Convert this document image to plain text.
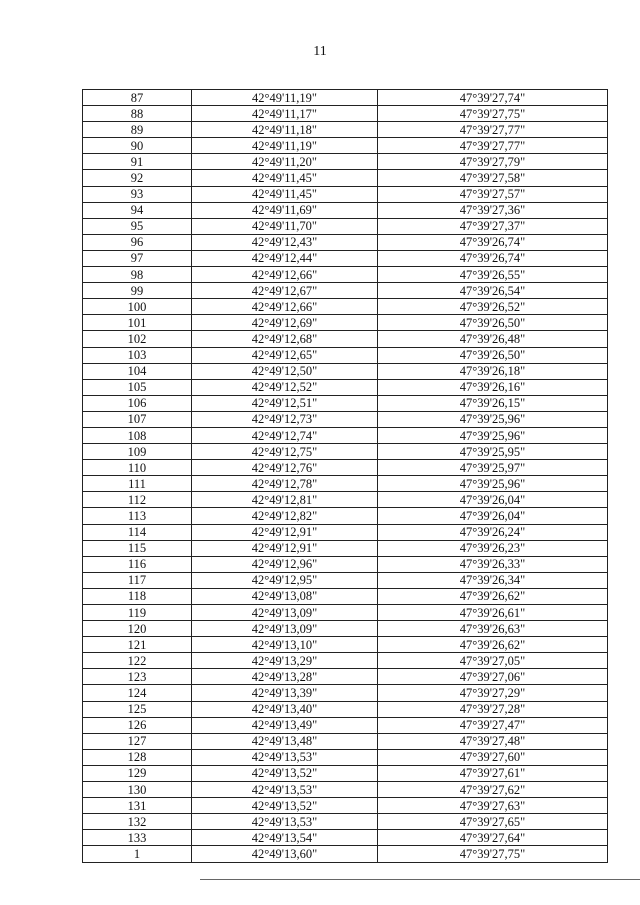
11
87	42°49'11,19"	47°39'27,74"
88	42°49'11,17"	47°39'27,75"
89	42°49'11,18"	47°39'27,77"
90	42°49'11,19"	47°39'27,77"
91	42°49'11,20"	47°39'27,79"
92	42°49'11,45"	47°39'27,58"
93	42°49'11,45"	47°39'27,57"
94	42°49'11,69"	47°39'27,36"
95	42°49'11,70"	47°39'27,37"
96	42°49'12,43"	47°39'26,74"
97	42°49'12,44"	47°39'26,74"
98	42°49'12,66"	47°39'26,55"
99	42°49'12,67"	47°39'26,54"
100	42°49'12,66"	47°39'26,52"
101	42°49'12,69"	47°39'26,50"
102	42°49'12,68"	47°39'26,48"
103	42°49'12,65"	47°39'26,50"
104	42°49'12,50"	47°39'26,18"
105	42°49'12,52"	47°39'26,16"
106	42°49'12,51"	47°39'26,15"
107	42°49'12,73"	47°39'25,96"
108	42°49'12,74"	47°39'25,96"
109	42°49'12,75"	47°39'25,95"
110	42°49'12,76"	47°39'25,97"
111	42°49'12,78"	47°39'25,96"
112	42°49'12,81"	47°39'26,04"
113	42°49'12,82"	47°39'26,04"
114	42°49'12,91"	47°39'26,24"
115	42°49'12,91"	47°39'26,23"
116	42°49'12,96"	47°39'26,33"
117	42°49'12,95"	47°39'26,34"
118	42°49'13,08"	47°39'26,62"
119	42°49'13,09"	47°39'26,61"
120	42°49'13,09"	47°39'26,63"
121	42°49'13,10"	47°39'26,62"
122	42°49'13,29"	47°39'27,05"
123	42°49'13,28"	47°39'27,06"
124	42°49'13,39"	47°39'27,29"
125	42°49'13,40"	47°39'27,28"
126	42°49'13,49"	47°39'27,47"
127	42°49'13,48"	47°39'27,48"
128	42°49'13,53"	47°39'27,60"
129	42°49'13,52"	47°39'27,61"
130	42°49'13,53"	47°39'27,62"
131	42°49'13,52"	47°39'27,63"
132	42°49'13,53"	47°39'27,65"
133	42°49'13,54"	47°39'27,64"
1	42°49'13,60"	47°39'27,75"
